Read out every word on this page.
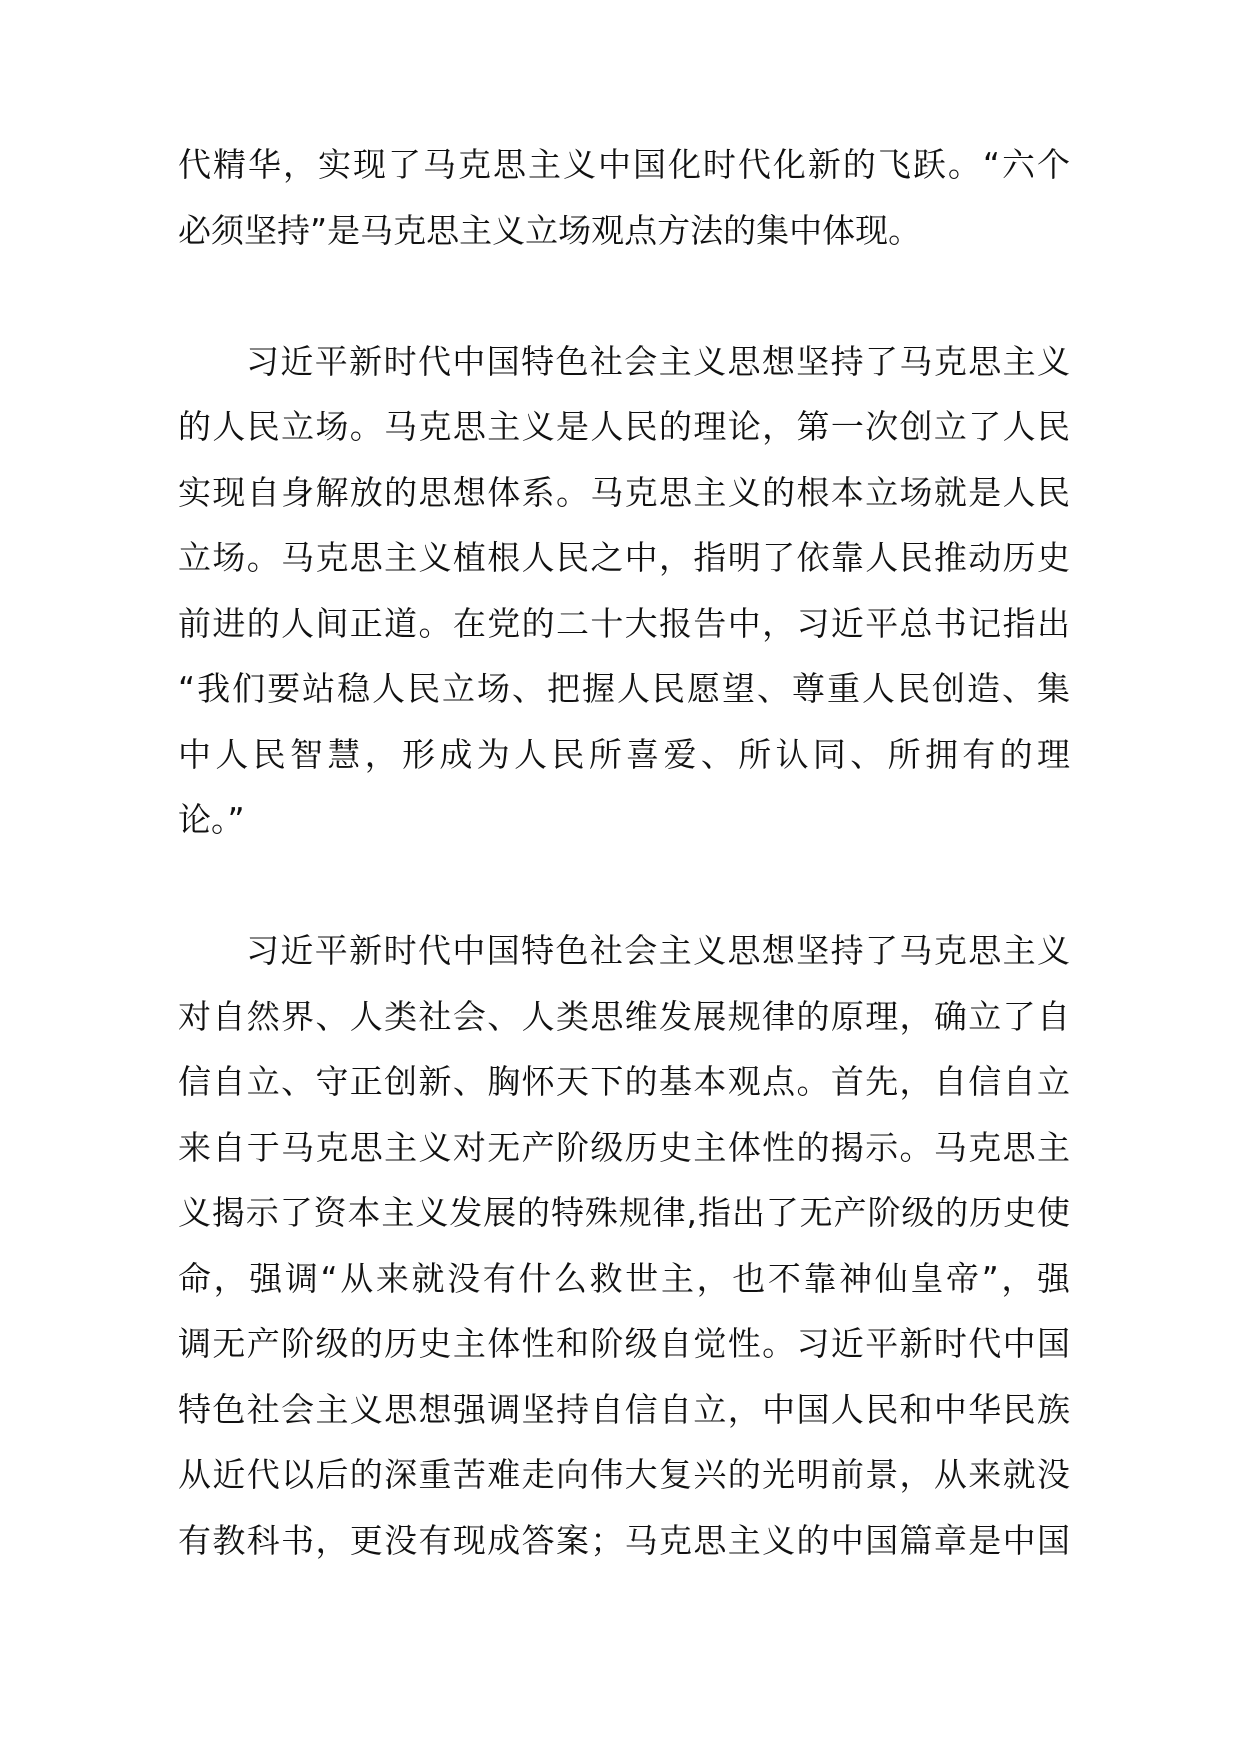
代精华，实现了马克思主义中国化时代化新的飞跃。“六个
必须坚持”是马克思主义立场观点方法的集中体现。
习近平新时代中国特色社会主义思想坚持了马克思主义
的人民立场。马克思主义是人民的理论，第一次创立了人民
实现自身解放的思想体系。马克思主义的根本立场就是人民
立场。马克思主义植根人民之中，指明了依靠人民推动历史
前进的人间正道。在党的二十大报告中，习近平总书记指出
“我们要站稳人民立场、把握人民愿望、尊重人民创造、集
中人民智慧，形成为人民所喜爱、所认同、所拥有的理
论。”
习近平新时代中国特色社会主义思想坚持了马克思主义
对自然界、人类社会、人类思维发展规律的原理，确立了自
信自立、守正创新、胸怀天下的基本观点。首先，自信自立
来自于马克思主义对无产阶级历史主体性的揭示。马克思主
义揭示了资本主义发展的特殊规律,指出了无产阶级的历史使
命，强调“从来就没有什么救世主，也不靠神仙皇帝”，强
调无产阶级的历史主体性和阶级自觉性。习近平新时代中国
特色社会主义思想强调坚持自信自立，中国人民和中华民族
从近代以后的深重苦难走向伟大复兴的光明前景，从来就没
有教科书，更没有现成答案；马克思主义的中国篇章是中国
